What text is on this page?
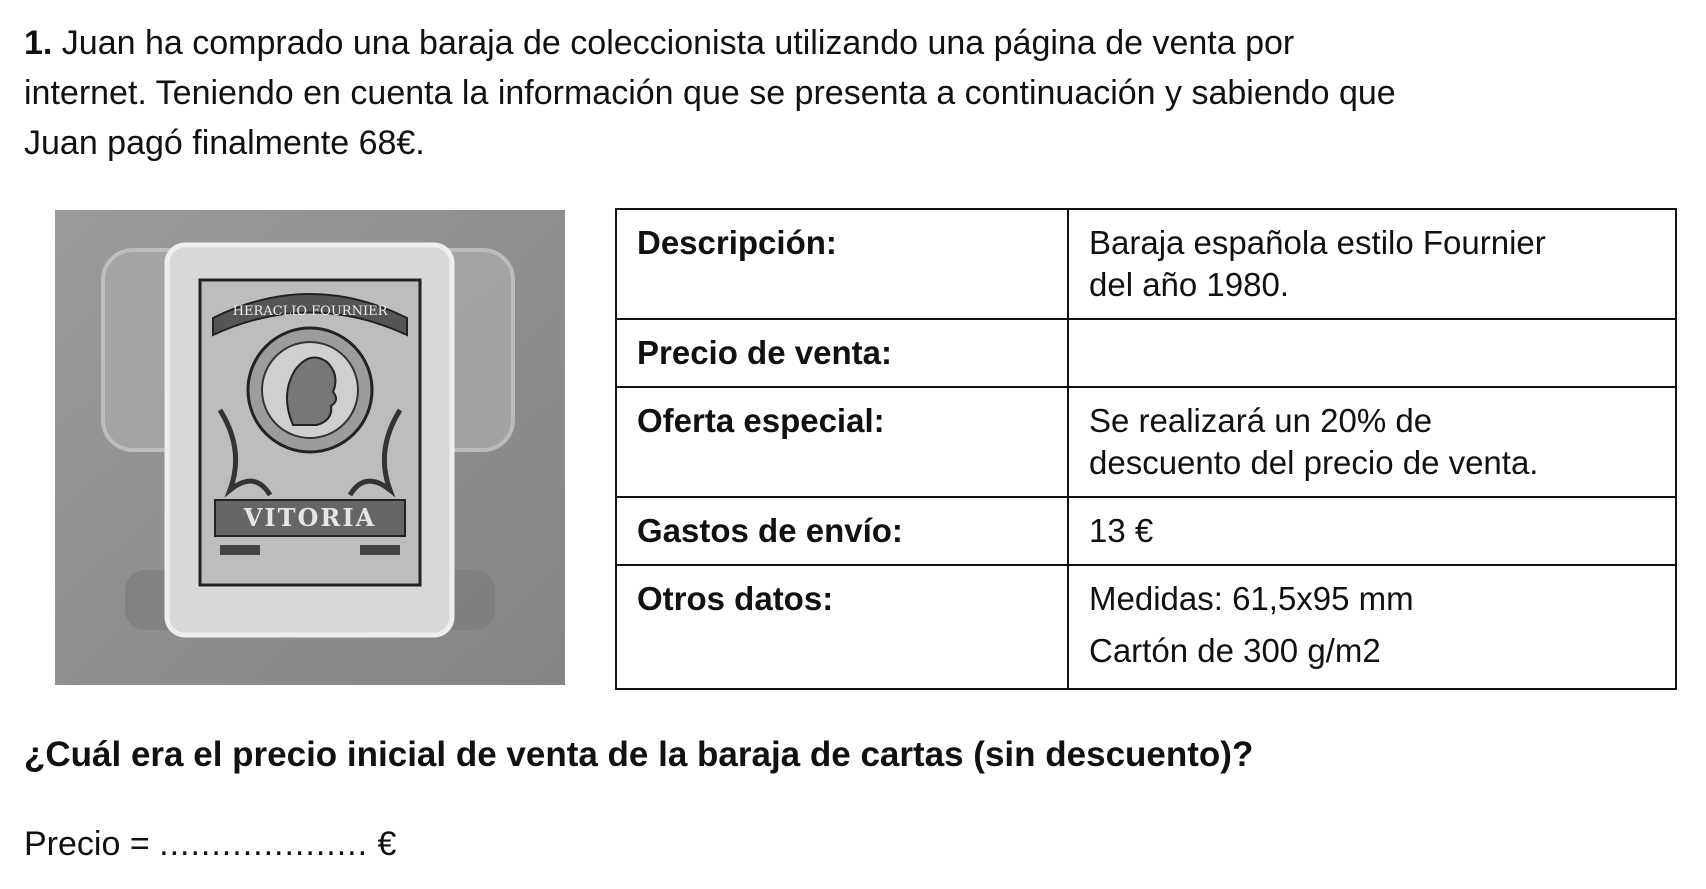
1. Juan ha comprado una baraja de coleccionista utilizando una página de venta por
internet. Teniendo en cuenta la información que se presenta a continuación y sabiendo que
Juan pagó finalmente 68€.

HERACLIO FOURNIER
VITORIA
Descripción:	Baraja española estilo Fournier
del año 1980.

Precio de venta:	
Oferta especial:	Se realizará un 20% de
descuento del precio de venta.

Gastos de envío:	13 €
Otros datos:	Medidas: 61,5x95 mm
Cartón de 300 g/m2

¿Cuál era el precio inicial de venta de la baraja de cartas (sin descuento)?

Precio = .................... €
